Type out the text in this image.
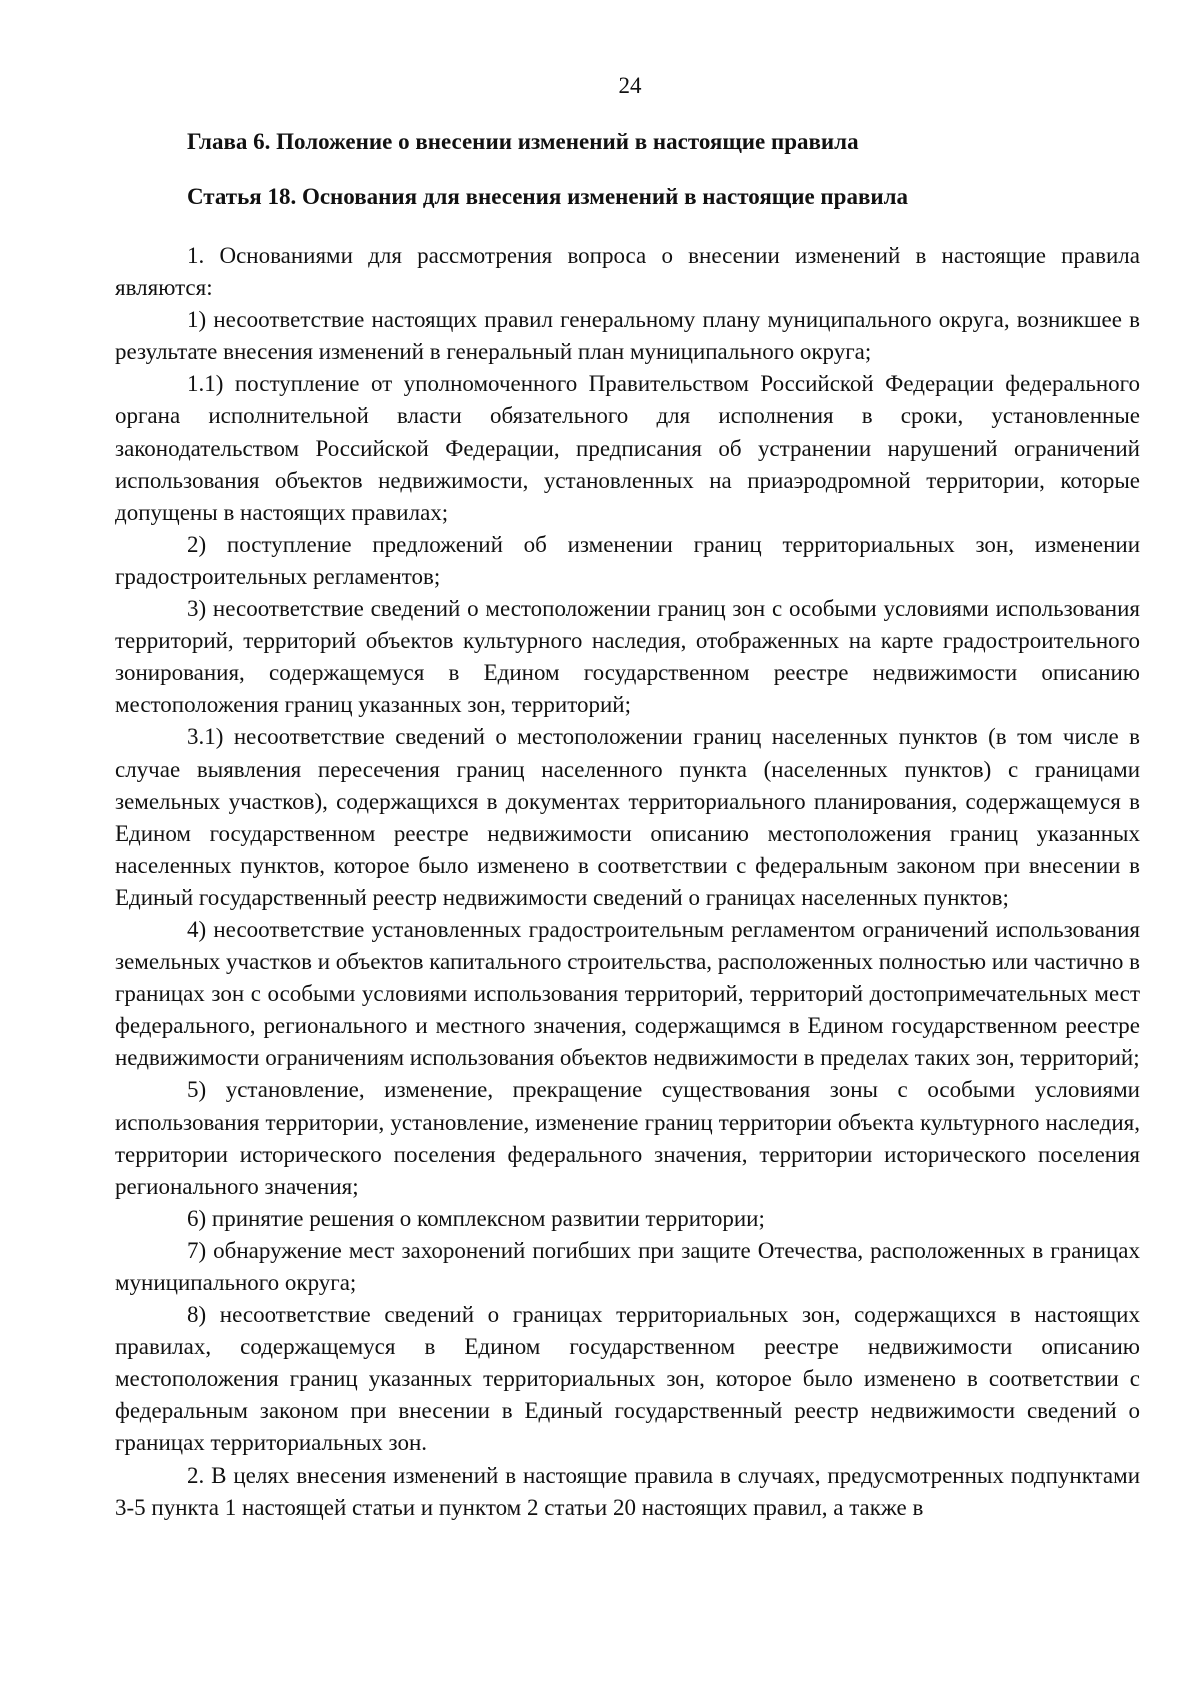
24
Глава 6. Положение о внесении изменений в настоящие правила
Статья 18. Основания для внесения изменений в настоящие правила

1. Основаниями для рассмотрения вопроса о внесении изменений в настоящие правила являются:

1) несоответствие настоящих правил генеральному плану муниципального округа, возникшее в результате внесения изменений в генеральный план муниципального округа;

1.1) поступление от уполномоченного Правительством Российской Федерации федерального органа исполнительной власти обязательного для исполнения в сроки, установленные законодательством Российской Федерации, предписания об устранении нарушений ограничений использования объектов недвижимости, установленных на приаэродромной территории, которые допущены в настоящих правилах;

2) поступление предложений об изменении границ территориальных зон, изменении градостроительных регламентов;

3) несоответствие сведений о местоположении границ зон с особыми условиями использования территорий, территорий объектов культурного наследия, отображенных на карте градостроительного зонирования, содержащемуся в Едином государственном реестре недвижимости описанию местоположения границ указанных зон, территорий;

3.1) несоответствие сведений о местоположении границ населенных пунктов (в том числе в случае выявления пересечения границ населенного пункта (населенных пунктов) с границами земельных участков), содержащихся в документах территориального планирования, содержащемуся в Едином государственном реестре недвижимости описанию местоположения границ указанных населенных пунктов, которое было изменено в соответствии с федеральным законом при внесении в Единый государственный реестр недвижимости сведений о границах населенных пунктов;

4) несоответствие установленных градостроительным регламентом ограничений использования земельных участков и объектов капитального строительства, расположенных полностью или частично в границах зон с особыми условиями использования территорий, территорий достопримечательных мест федерального, регионального и местного значения, содержащимся в Едином государственном реестре недвижимости ограничениям использования объектов недвижимости в пределах таких зон, территорий;

5) установление, изменение, прекращение существования зоны с особыми условиями использования территории, установление, изменение границ территории объекта культурного наследия, территории исторического поселения федерального значения, территории исторического поселения регионального значения;

6) принятие решения о комплексном развитии территории;

7) обнаружение мест захоронений погибших при защите Отечества, расположенных в границах муниципального округа;

8) несоответствие сведений о границах территориальных зон, содержащихся в настоящих правилах, содержащемуся в Едином государственном реестре недвижимости описанию местоположения границ указанных территориальных зон, которое было изменено в соответствии с федеральным законом при внесении в Единый государственный реестр недвижимости сведений о границах территориальных зон.

2. В целях внесения изменений в настоящие правила в случаях, предусмотренных подпунктами 3-5 пункта 1 настоящей статьи и пунктом 2 статьи 20 настоящих правил, а также в
